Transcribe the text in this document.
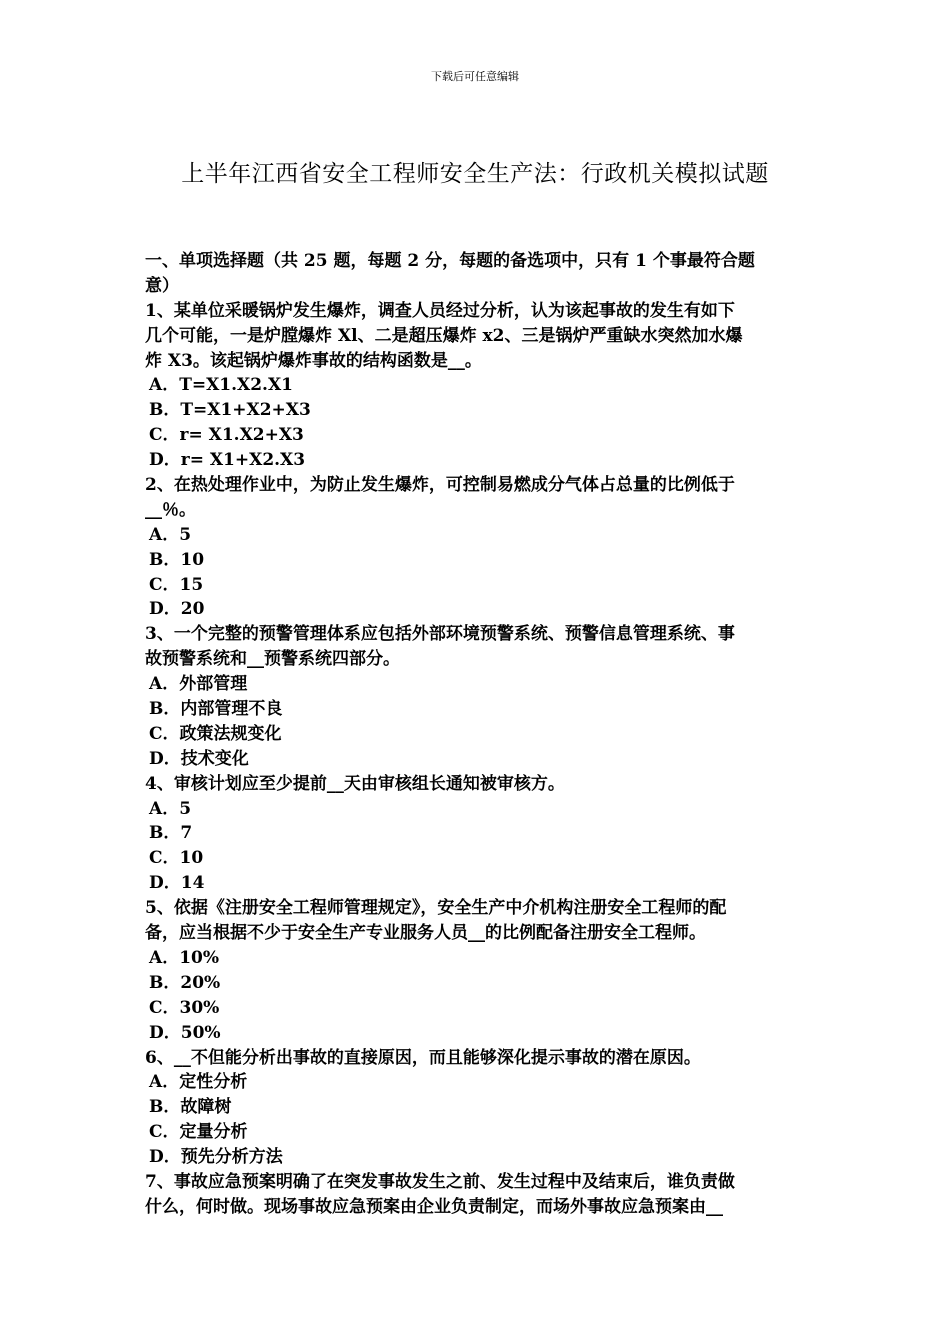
下载后可任意编辑
上半年江西省安全工程师安全生产法：行政机关模拟试题
一、单项选择题（共 25 题，每题 2 分，每题的备选项中，只有 1 个事最符合题
意）
1、某单位采暖锅炉发生爆炸，调查人员经过分析，认为该起事故的发生有如下
几个可能，一是炉膛爆炸 Xl、二是超压爆炸 x2、三是锅炉严重缺水突然加水爆
炸 X3。该起锅炉爆炸事故的结构函数是__。
A．T=X1.X2.X1
B．T=X1+X2+X3
C．r= X1.X2+X3
D．r= X1+X2.X3
2、在热处理作业中，为防止发生爆炸，可控制易燃成分气体占总量的比例低于
__％。
A．5
B．10
C．15
D．20
3、一个完整的预警管理体系应包括外部环境预警系统、预警信息管理系统、事
故预警系统和__预警系统四部分。
A．外部管理
B．内部管理不良
C．政策法规变化
D．技术变化
4、审核计划应至少提前__天由审核组长通知被审核方。
A．5
B．7
C．10
D．14
5、依据《注册安全工程师管理规定》，安全生产中介机构注册安全工程师的配
备，应当根据不少于安全生产专业服务人员__的比例配备注册安全工程师。
A．10%
B．20%
C．30%
D．50%
6、__不但能分析出事故的直接原因，而且能够深化提示事故的潜在原因。
A．定性分析
B．故障树
C．定量分析
D．预先分析方法
7、事故应急预案明确了在突发事故发生之前、发生过程中及结束后，谁负责做
什么，何时做。现场事故应急预案由企业负责制定，而场外事故应急预案由__
